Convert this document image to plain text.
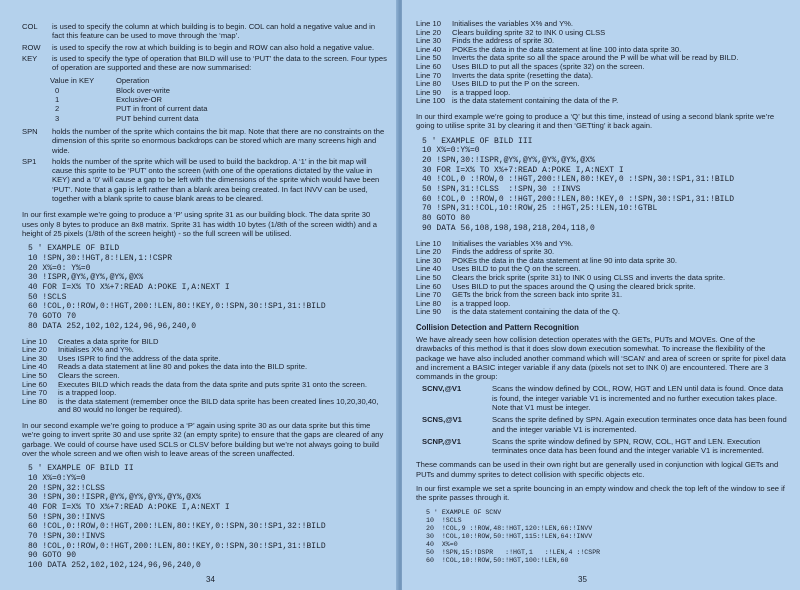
COL	is used to specify the column at which building is to begin. COL can hold a negative value and in fact this feature can be used to move through the ‘map’.
ROW	is used to specify the row at which building is to begin and ROW can also hold a negative value.
KEY	is used to specify the type of operation that BILD will use to ‘PUT’ the data to the screen. Four types of operation are supported and these are now summarised:
Value in KEY	Operation
0	Block over-write
1	Exclusive-OR
2	PUT in front of current data
3	PUT behind current data
SPN	holds the number of the sprite which contains the bit map. Note that there are no constraints on the dimension of this sprite so enormous backdrops can be stored which are many screens high and wide.
SP1	holds the number of the sprite which will be used to build the backdrop. A ‘1’ in the bit map will cause this sprite to be ‘PUT’ onto the screen (with one of the operations dictated by the value in KEY) and a ‘0’ will cause a gap to be left with the dimensions of the sprite which would have been ‘PUT’. Note that a gap is left rather than a blank area being created. In fact INVV can be used, together with a blank sprite to cause blank areas to be cleared.

In our first example we’re going to produce a ‘P’ using sprite 31 as our building block. The data sprite 30 uses only 8 bytes to produce an 8x8 matrix. Sprite 31 has width 10 bytes (1/8th of the screen width) and a height of 25 pixels (1/8th of the screen height) - so the full screen will be utilised.

5 ' EXAMPLE OF BILD
10 !SPN,30:!HGT,8:!LEN,1:!CSPR
20 X%=0: Y%=0
30 !ISPR,@Y%,@Y%,@Y%,@X%
40 FOR I=X% TO X%+7:READ A:POKE I,A:NEXT I
50 !SCLS
60 !COL,0:!ROW,0:!HGT,200:!LEN,80:!KEY,0:!SPN,30:!SP1,31:!BILD
70 GOTO 70
80 DATA 252,102,102,124,96,96,240,0
Line 10	Creates a data sprite for BILD
Line 20	Initialises X% and Y%.
Line 30	Uses ISPR to find the address of the data sprite.
Line 40	Reads a data statement at line 80 and pokes the data into the BILD sprite.
Line 50	Clears the screen.
Line 60	Executes BILD which reads the data from the data sprite and puts sprite 31 onto the screen.
Line 70	is a trapped loop.
Line 80	is the data statement (remember once the BILD data sprite has been created lines 10,20,30,40, and 80 would no longer be required).

In our second example we’re going to produce a ‘P’ again using sprite 30 as our data sprite but this time we’re going to invert sprite 30 and use sprite 32 (an empty sprite) to ensure that the gaps are cleared of any garbage. We could of course have used SCLS or CLSV before building but we’re not always going to build over the whole screen and we often wish to leave areas of the screen unaffected.

5 ' EXAMPLE OF BILD II
10 X%=0:Y%=0
20 !SPN,32:!CLSS
30 !SPN,30:!ISPR,@Y%,@Y%,@Y%,@Y%,@X%
40 FOR I=X% TO X%+7:READ A:POKE I,A:NEXT I
50 !SPN,30:!INVS
60 !COL,0:!ROW,0:!HGT,200:!LEN,80:!KEY,0:!SPN,30:!SP1,32:!BILD
70 !SPN,30:!INVS
80 !COL,0:!ROW,0:!HGT,200:!LEN,80:!KEY,0:!SPN,30:!SP1,31:!BILD
90 GOTO 90
100 DATA 252,102,102,124,96,96,240,0
34
Line 10	Initialises the variables X% and Y%.
Line 20	Clears building sprite 32 to INK 0 using CLSS
Line 30	Finds the address of sprite 30.
Line 40	POKEs the data in the data statement at line 100 into data sprite 30.
Line 50	Inverts the data sprite so all the space around the P will be what will be read by BILD.
Line 60	Uses BILD to put all the spaces (sprite 32) on the screen.
Line 70	Inverts the data sprite (resetting the data).
Line 80	Uses BILD to put the P on the screen.
Line 90	is a trapped loop.
Line 100 is the data statement containing the data of the P.

In our third example we’re going to produce a ‘Q’ but this time, instead of using a second blank sprite we’re going to utilise sprite 31 by clearing it and then ‘GETting’ it back again.

5 ' EXAMPLE OF BILD III
10 X%=0:Y%=0
20 !SPN,30:!ISPR,@Y%,@Y%,@Y%,@Y%,@X%
30 FOR I=X% TO X%+7:READ A:POKE I,A:NEXT I
40 !COL,0 :!ROW,0 :!HGT,200:!LEN,80:!KEY,0 :!SPN,30:!SP1,31:!BILD
50 !SPN,31:!CLSS  :!SPN,30 :!INVS
60 !COL,0 :!ROW,0 :!HGT,200:!LEN,80:!KEY,0 :!SPN,30:!SP1,31:!BILD
70 !SPN,31:!COL,10:!ROW,25 :!HGT,25:!LEN,10:!GTBL
80 GOTO 80
90 DATA 56,108,198,198,218,204,118,0
Line 10	Initialises the variables X% and Y%.
Line 20	Finds the address of sprite 30.
Line 30	POKEs the data in the data statement at line 90 into data sprite 30.
Line 40	Uses BILD to put the Q on the screen.
Line 50	Clears the brick sprite (sprite 31) to INK 0 using CLSS and inverts the data sprite.
Line 60	Uses BILD to put the spaces around the Q using the cleared brick sprite.
Line 70	GETs the brick from the screen back into sprite 31.
Line 80	is a trapped loop.
Line 90	is the data statement containing the data of the Q.
Collision Detection and Pattern Recognition

We have already seen how collision detection operates with the GETs, PUTs and MOVEs. One of the drawbacks of this method is that it does slow down execution somewhat. To increase the flexibility of the package we have also included another command which will ‘SCAN’ and area of screen or sprite for pixel data and increment a BASIC integer variable if any data (pixels not set to INK 0) are encountered. There are 3 commands in the group:

SCNV,@V1	Scans the window defined by COL, ROW, HGT and LEN until data is found. Once data is found, the integer variable V1 is incremented and no further execution takes place. Note that V1 must be integer.
SCNS,@V1	Scans the sprite defined by SPN. Again execution terminates once data has been found and the integer variable V1 is incremented.
SCNP,@V1	Scans the sprite window defined by SPN, ROW, COL, HGT and LEN. Execution terminates once data has been found and the integer variable V1 is incremented.

These commands can be used in their own right but are generally used in conjunction with logical GETs and PUTs and dummy sprites to detect collision with specific objects etc.

In our first example we set a sprite bouncing in an empty window and check the top left of the window to see if the sprite passes through it.

5 ' EXAMPLE OF SCNV
10  !SCLS
20  !COL,9 :!ROW,48:!HGT,120:!LEN,66:!INVV
30  !COL,10:!ROW,50:!HGT,115:!LEN,64:!INVV
40  X%=0
50  !SPN,15:!DSPR   :!HGT,1   :!LEN,4 :!CSPR
60  !COL,10:!ROW,50:!HGT,100:!LEN,60
35
